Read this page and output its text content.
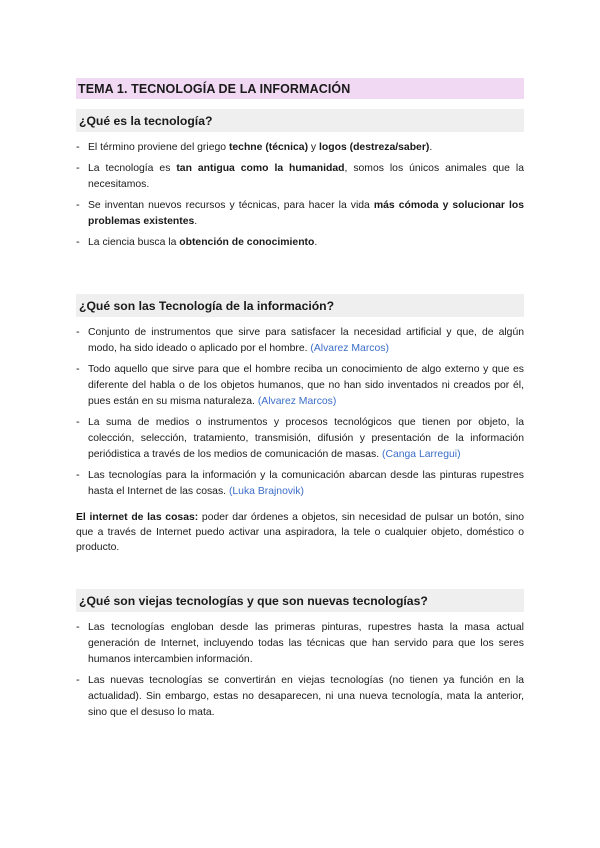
TEMA 1. TECNOLOGÍA DE LA INFORMACIÓN
¿Qué es la tecnología?
- El término proviene del griego techne (técnica) y logos (destreza/saber).
- La tecnología es tan antigua como la humanidad, somos los únicos animales que la necesitamos.
- Se inventan nuevos recursos y técnicas, para hacer la vida más cómoda y solucionar los problemas existentes.
- La ciencia busca la obtención de conocimiento.
¿Qué son las Tecnología de la información?
- Conjunto de instrumentos que sirve para satisfacer la necesidad artificial y que, de algún modo, ha sido ideado o aplicado por el hombre. (Alvarez Marcos)
- Todo aquello que sirve para que el hombre reciba un conocimiento de algo externo y que es diferente del habla o de los objetos humanos, que no han sido inventados ni creados por él, pues están en su misma naturaleza. (Alvarez Marcos)
- La suma de medios o instrumentos y procesos tecnológicos que tienen por objeto, la colección, selección, tratamiento, transmisión, difusión y presentación de la información periódistica a través de los medios de comunicación de masas. (Canga Larregui)
- Las tecnologías para la información y la comunicación abarcan desde las pinturas rupestres hasta el Internet de las cosas. (Luka Brajnovik)

El internet de las cosas: poder dar órdenes a objetos, sin necesidad de pulsar un botón, sino que a través de Internet puedo activar una aspiradora, la tele o cualquier objeto, doméstico o producto.

¿Qué son viejas tecnologías y que son nuevas tecnologías?
- Las tecnologías engloban desde las primeras pinturas, rupestres hasta la masa actual generación de Internet, incluyendo todas las técnicas que han servido para que los seres humanos intercambien información.
- Las nuevas tecnologías se convertirán en viejas tecnologías (no tienen ya función en la actualidad). Sin embargo, estas no desaparecen, ni una nueva tecnología, mata la anterior, sino que el desuso lo mata.
